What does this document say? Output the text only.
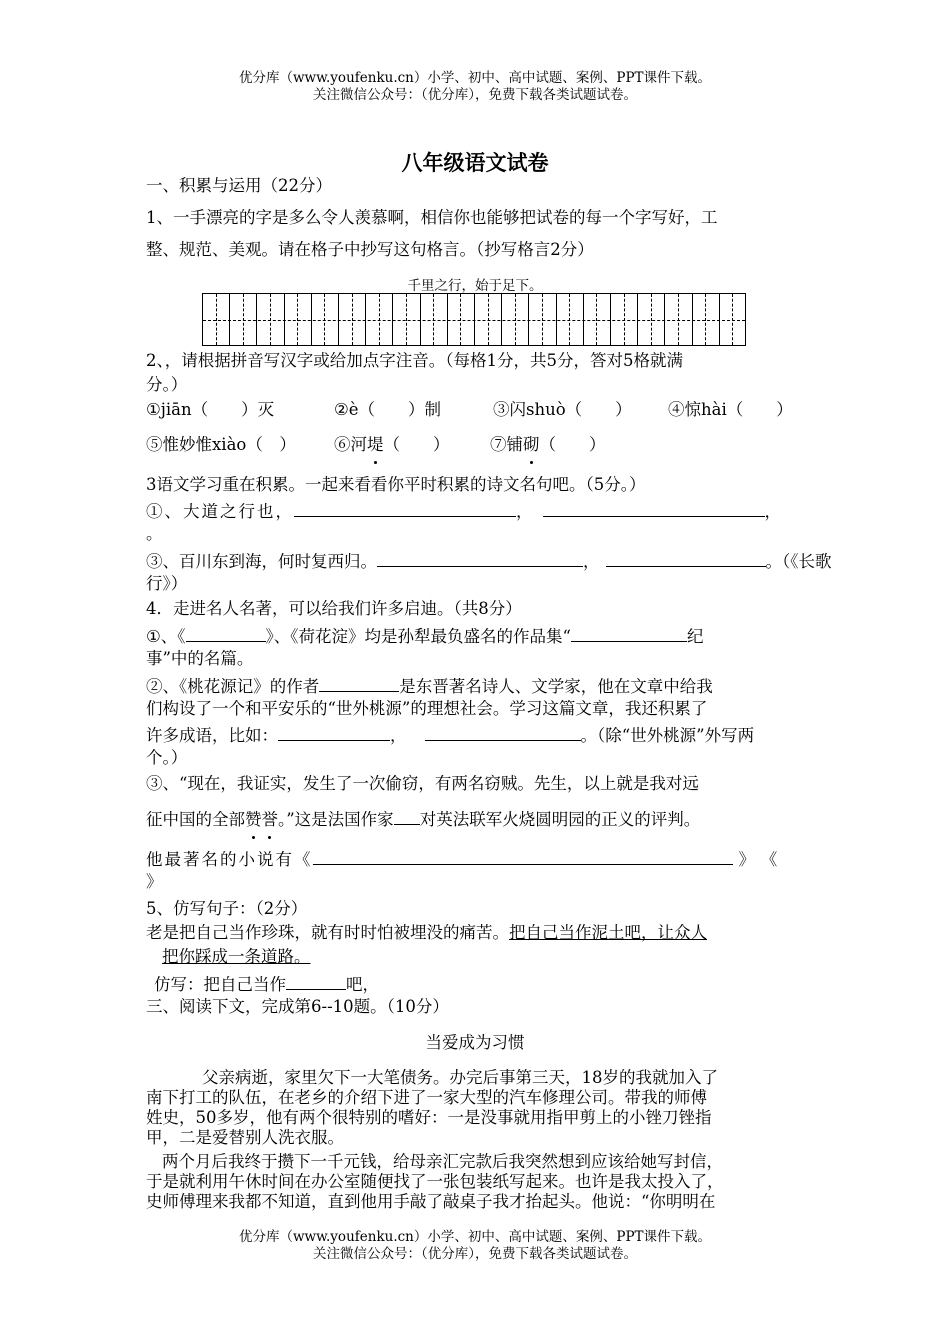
优分库（www.youfenku.cn）小学、初中、高中试题、案例、PPT课件下载。
关注微信公众号：（优分库），免费下载各类试题试卷。
八年级语文试卷
一、积累与运用（22分）
1、一手漂亮的字是多么令人羡慕啊，相信你也能够把试卷的每一个字写好，工
整、规范、美观。请在格子中抄写这句格言。（抄写格言2分）
千里之行，始于足下。
2、，请根据拼音写汉字或给加点字注音。（每格1分，共5分，答对5格就满
分。）
①jiān（　　）灭	②è（　　）制	③闪shuò（　　） ④惊hài（　　）
⑤惟妙惟xiào（　） ⑥河堤（　　） ⑦铺砌（　　）
3语文学习重在积累。一起来看看你平时积累的诗文名句吧。（5分。）
①、大道之行也，	，	，
。
③、百川东到海，何时复西归。	，	。（《长歌
行》）
4．走进名人名著，可以给我们许多启迪。（共8分）
①、《	》、《荷花淀》均是孙犁最负盛名的作品集“	纪
事”中的名篇。
②、《桃花源记》的作者	是东晋著名诗人、文学家，他在文章中给我
们构设了一个和平安乐的“世外桃源”的理想社会。学习这篇文章，我还积累了
许多成语，比如：	，	。（除“世外桃源”外写两
个。）
③、“现在，我证实，发生了一次偷窃，有两名窃贼。先生，以上就是我对远
征中国的全部赞誉。”这是法国作家 对英法联军火烧圆明园的正义的评判。
他最著名的小说有《	》《
》
5、仿写句子：（2分）
老是把自己当作珍珠，就有时时怕被埋没的痛苦。把自己当作泥土吧，让众人
把你踩成一条道路。
仿写：把自己当作	吧，
三、阅读下文，完成第6--10题。（10分）
当爱成为习惯
父亲病逝，家里欠下一大笔债务。办完后事第三天，18岁的我就加入了
南下打工的队伍，在老乡的介绍下进了一家大型的汽车修理公司。带我的师傅
姓史，50多岁，他有两个很特别的嗜好：一是没事就用指甲剪上的小锉刀锉指
甲，二是爱替别人洗衣服。
两个月后我终于攒下一千元钱，给母亲汇完款后我突然想到应该给她写封信，
于是就利用午休时间在办公室随便找了一张包装纸写起来。也许是我太投入了，
史师傅理来我都不知道，直到他用手敲了敲桌子我才抬起头。他说：“你明明在
优分库（www.youfenku.cn）小学、初中、高中试题、案例、PPT课件下载。
关注微信公众号：（优分库），免费下载各类试题试卷。
